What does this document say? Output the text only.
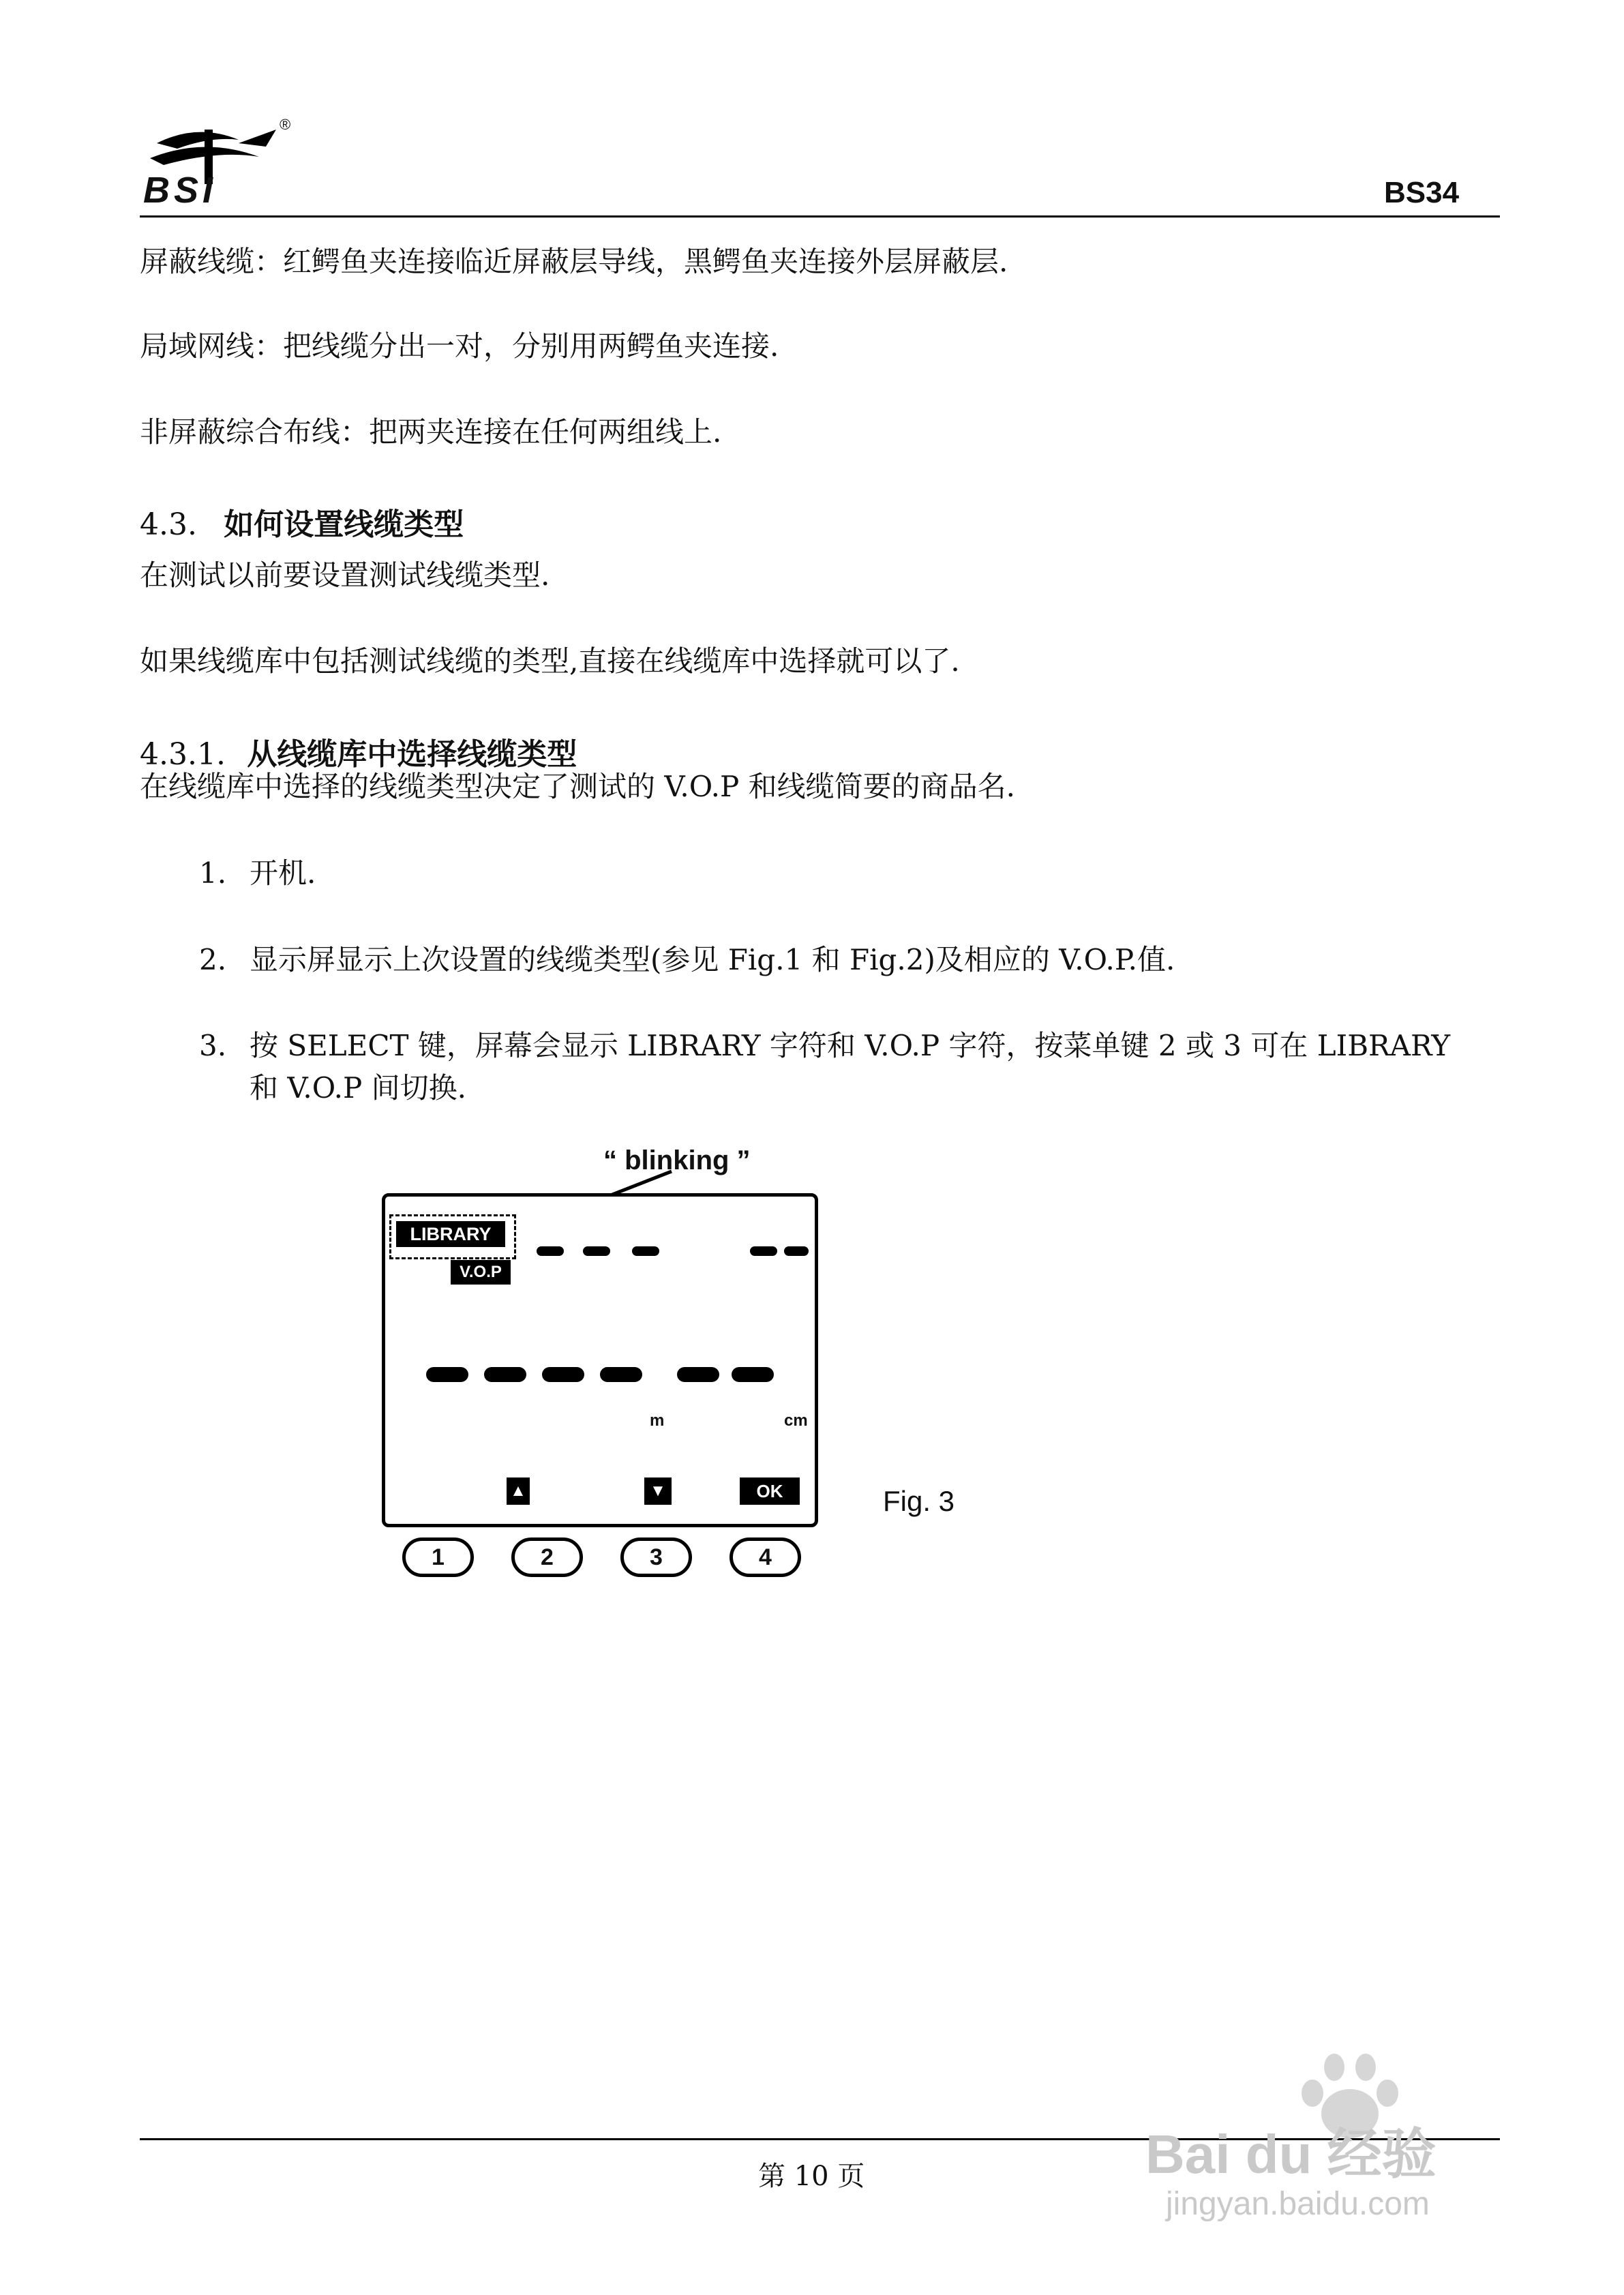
BSI
®
BS34
屏蔽线缆：红鳄鱼夹连接临近屏蔽层导线，黑鳄鱼夹连接外层屏蔽层.
局域网线：把线缆分出一对，分别用两鳄鱼夹连接.
非屏蔽综合布线：把两夹连接在任何两组线上.
4.3. 如何设置线缆类型
在测试以前要设置测试线缆类型.
如果线缆库中包括测试线缆的类型,直接在线缆库中选择就可以了.
4.3.1. 从线缆库中选择线缆类型
在线缆库中选择的线缆类型决定了测试的 V.O.P 和线缆简要的商品名.
1. 开机.
2. 显示屏显示上次设置的线缆类型(参见 Fig.1 和 Fig.2)及相应的 V.O.P.值.
3. 按 SELECT 键，屏幕会显示 LIBRARY 字符和 V.O.P 字符，按菜单键 2 或 3 可在 LIBRARY
和 V.O.P 间切换.
“ blinking ”
LIBRARY
V.O.P
m	cm
▲	▼	OK
1	2	3	4
Fig. 3
第 10 页	Bai du 经验
jingyan.baidu.com
